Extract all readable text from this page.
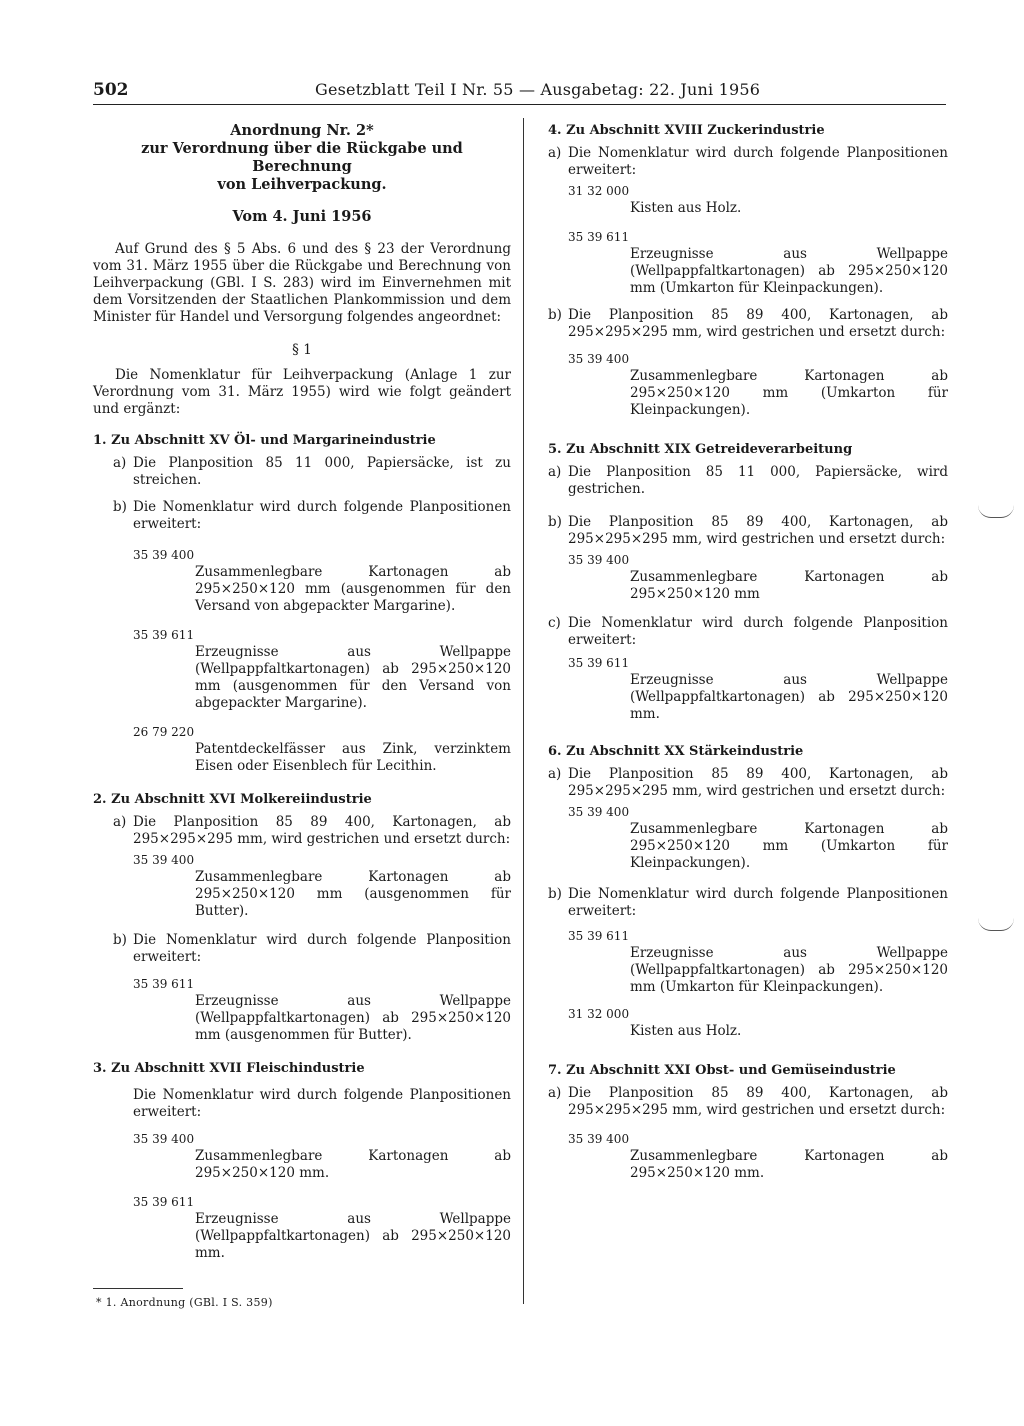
502	Gesetzblatt Teil I Nr. 55 — Ausgabetag: 22. Juni 1956
Anordnung Nr. 2*
zur Verordnung über die Rückgabe und Berechnung
von Leihverpackung.
Vom 4. Juni 1956

Auf Grund des § 5 Abs. 6 und des § 23 der Verordnung vom 31. März 1955 über die Rückgabe und Berechnung von Leihverpackung (GBl. I S. 283) wird im Einvernehmen mit dem Vorsitzenden der Staatlichen Plankommission und dem Minister für Handel und Versorgung folgendes angeordnet:

§ 1

Die Nomenklatur für Leihverpackung (Anlage 1 zur Verordnung vom 31. März 1955) wird wie folgt geändert und ergänzt:

1. Zu Abschnitt XV Öl- und Margarineindustrie
a) Die Planposition 85 11 000, Papiersäcke, ist zu streichen.
b) Die Nomenklatur wird durch folgende Planpositionen erweitert:
35 39 400
Zusammenlegbare Kartonagen ab 295×250×120 mm (ausgenommen für den Versand von abgepackter Margarine).
35 39 611
Erzeugnisse aus Wellpappe (Wellpappfaltkartonagen) ab 295×250×120 mm (ausgenommen für den Versand von abgepackter Margarine).
26 79 220
Patentdeckelfässer aus Zink, verzinktem Eisen oder Eisenblech für Lecithin.
2. Zu Abschnitt XVI Molkereiindustrie
a) Die Planposition 85 89 400, Kartonagen, ab 295×295×295 mm, wird gestrichen und ersetzt durch:
35 39 400
Zusammenlegbare Kartonagen ab 295×250×120 mm (ausgenommen für Butter).
b) Die Nomenklatur wird durch folgende Planposition erweitert:
35 39 611
Erzeugnisse aus Wellpappe (Wellpappfaltkartonagen) ab 295×250×120 mm (ausgenommen für Butter).
3. Zu Abschnitt XVII Fleischindustrie
Die Nomenklatur wird durch folgende Planpositionen erweitert:
35 39 400
Zusammenlegbare Kartonagen ab 295×250×120 mm.
35 39 611
Erzeugnisse aus Wellpappe (Wellpappfaltkartonagen) ab 295×250×120 mm.
* 1. Anordnung (GBl. I S. 359)
4. Zu Abschnitt XVIII Zuckerindustrie
a) Die Nomenklatur wird durch folgende Planpositionen erweitert:
31 32 000
Kisten aus Holz.
35 39 611
Erzeugnisse aus Wellpappe (Wellpappfaltkartonagen) ab 295×250×120 mm (Umkarton für Kleinpackungen).
b) Die Planposition 85 89 400, Kartonagen, ab 295×295×295 mm, wird gestrichen und ersetzt durch:
35 39 400
Zusammenlegbare Kartonagen ab 295×250×120 mm (Umkarton für Kleinpackungen).
5. Zu Abschnitt XIX Getreideverarbeitung
a) Die Planposition 85 11 000, Papiersäcke, wird gestrichen.
b) Die Planposition 85 89 400, Kartonagen, ab 295×295×295 mm, wird gestrichen und ersetzt durch:
35 39 400
Zusammenlegbare Kartonagen ab 295×250×120 mm
c) Die Nomenklatur wird durch folgende Planposition erweitert:
35 39 611
Erzeugnisse aus Wellpappe (Wellpappfaltkartonagen) ab 295×250×120 mm.
6. Zu Abschnitt XX Stärkeindustrie
a) Die Planposition 85 89 400, Kartonagen, ab 295×295×295 mm, wird gestrichen und ersetzt durch:
35 39 400
Zusammenlegbare Kartonagen ab 295×250×120 mm (Umkarton für Kleinpackungen).
b) Die Nomenklatur wird durch folgende Planpositionen erweitert:
35 39 611
Erzeugnisse aus Wellpappe (Wellpappfaltkartonagen) ab 295×250×120 mm (Umkarton für Kleinpackungen).
31 32 000
Kisten aus Holz.
7. Zu Abschnitt XXI Obst- und Gemüseindustrie
a) Die Planposition 85 89 400, Kartonagen, ab 295×295×295 mm, wird gestrichen und ersetzt durch:
35 39 400
Zusammenlegbare Kartonagen ab 295×250×120 mm.
